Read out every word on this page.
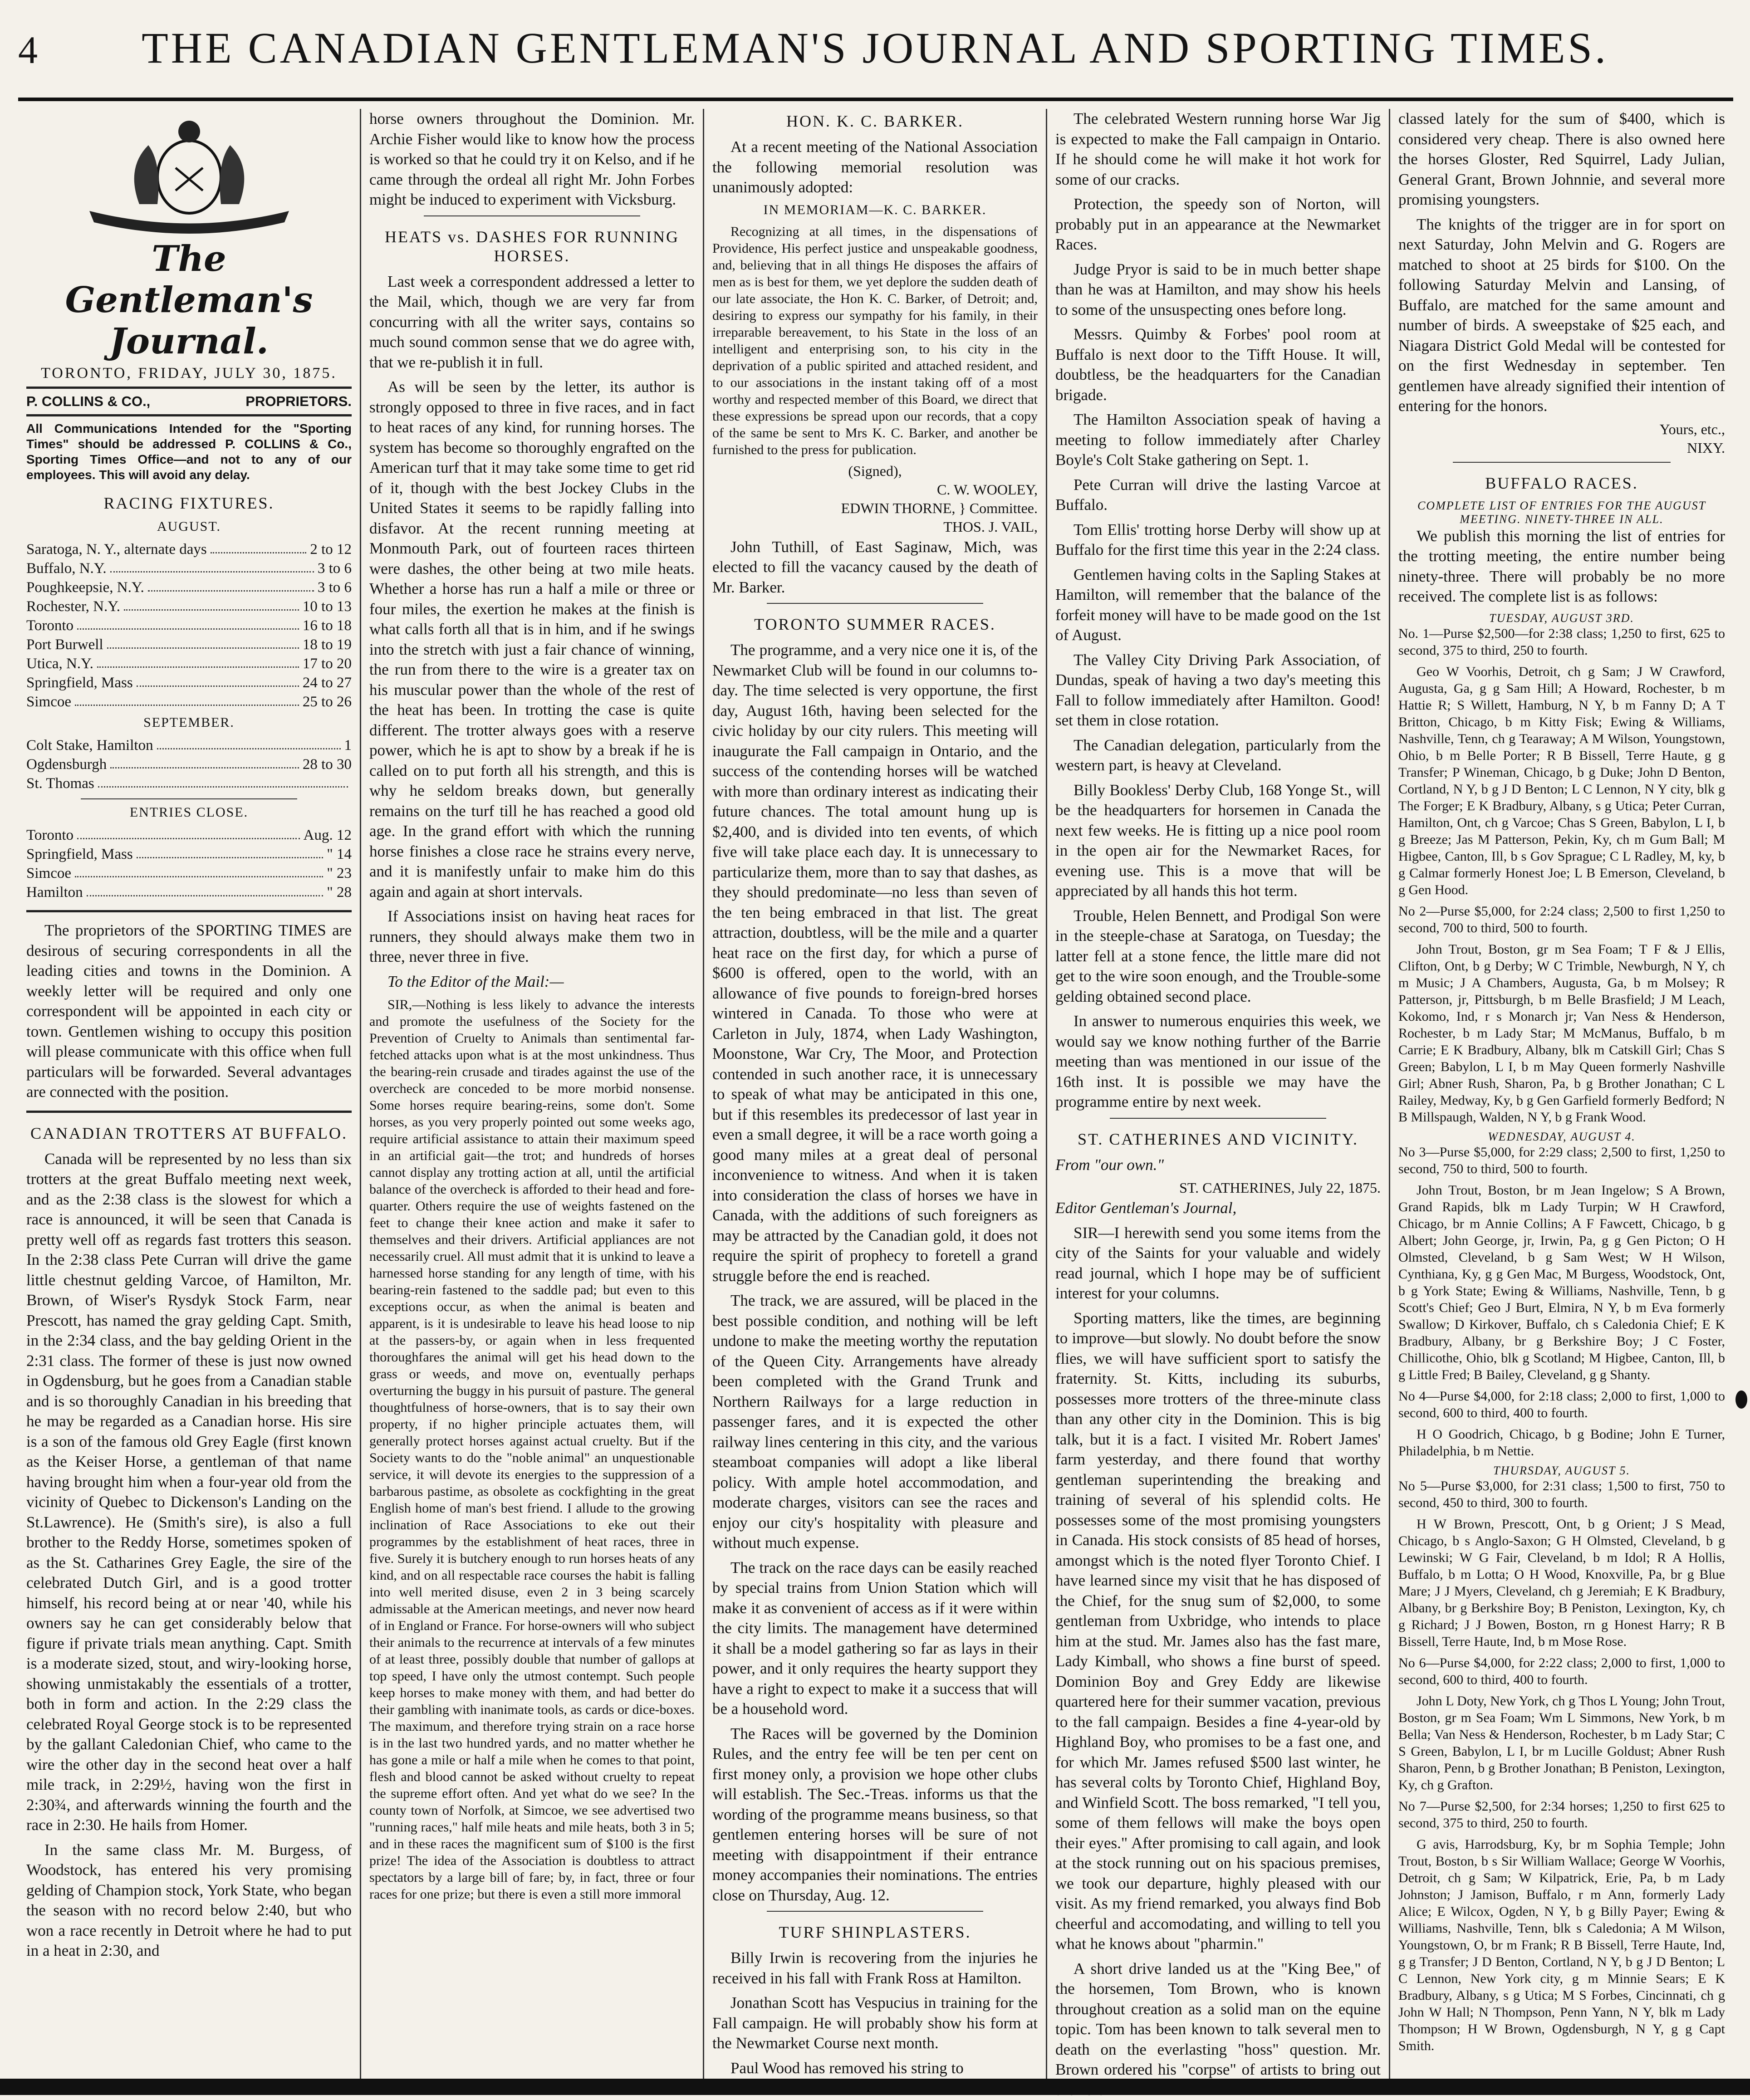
4	THE CANADIAN GENTLEMAN'S JOURNAL AND SPORTING TIMES.
The Gentleman's Journal.
TORONTO, FRIDAY, JULY 30, 1875.
P. COLLINS & CO.,	PROPRIETORS.

All Communications Intended for the "Sporting Times" should be addressed P. COLLINS & Co., Sporting Times Office—and not to any of our employees. This will avoid any delay.

RACING FIXTURES.
AUGUST.
Saratoga, N. Y., alternate days	2 to 12
Buffalo, N.Y.	3 to 6
Poughkeepsie, N.Y.	3 to 6
Rochester, N.Y.	10 to 13
Toronto	16 to 18
Port Burwell	18 to 19
Utica, N.Y.	17 to 20
Springfield, Mass	24 to 27
Simcoe	25 to 26
SEPTEMBER.
Colt Stake, Hamilton	1
Ogdensburgh	28 to 30
St. Thomas
ENTRIES CLOSE.
Toronto	Aug. 12
Springfield, Mass	" 14
Simcoe	" 23
Hamilton	" 28

The proprietors of the SPORTING TIMES are desirous of securing correspondents in all the leading cities and towns in the Dominion. A weekly letter will be required and only one correspondent will be appointed in each city or town. Gentlemen wishing to occupy this position will please communicate with this office when full particulars will be forwarded. Several advantages are connected with the position.

CANADIAN TROTTERS AT BUFFALO.

Canada will be represented by no less than six trotters at the great Buffalo meeting next week, and as the 2:38 class is the slowest for which a race is announced, it will be seen that Canada is pretty well off as regards fast trotters this season. In the 2:38 class Pete Curran will drive the game little chestnut gelding Varcoe, of Hamilton, Mr. Brown, of Wiser's Rysdyk Stock Farm, near Prescott, has named the gray gelding Capt. Smith, in the 2:34 class, and the bay gelding Orient in the 2:31 class. The former of these is just now owned in Ogdensburg, but he goes from a Canadian stable and is so thoroughly Canadian in his breeding that he may be regarded as a Canadian horse. His sire is a son of the famous old Grey Eagle (first known as the Keiser Horse, a gentleman of that name having brought him when a four-year old from the vicinity of Quebec to Dickenson's Landing on the St.Lawrence). He (Smith's sire), is also a full brother to the Reddy Horse, sometimes spoken of as the St. Catharines Grey Eagle, the sire of the celebrated Dutch Girl, and is a good trotter himself, his record being at or near '40, while his owners say he can get considerably below that figure if private trials mean anything. Capt. Smith is a moderate sized, stout, and wiry-looking horse, showing unmistakably the essentials of a trotter, both in form and action. In the 2:29 class the celebrated Royal George stock is to be represented by the gallant Caledonian Chief, who came to the wire the other day in the second heat over a half mile track, in 2:29½, having won the first in 2:30¾, and afterwards winning the fourth and the race in 2:30. He hails from Homer.

In the same class Mr. M. Burgess, of Woodstock, has entered his very promising gelding of Champion stock, York State, who began the season with no record below 2:40, but who won a race recently in Detroit where he had to put in a heat in 2:30, and

horse owners throughout the Dominion. Mr. Archie Fisher would like to know how the process is worked so that he could try it on Kelso, and if he came through the ordeal all right Mr. John Forbes might be induced to experiment with Vicksburg.

HEATS vs. DASHES FOR RUNNING HORSES.

Last week a correspondent addressed a letter to the Mail, which, though we are very far from concurring with all the writer says, contains so much sound common sense that we do agree with, that we re-publish it in full.

As will be seen by the letter, its author is strongly opposed to three in five races, and in fact to heat races of any kind, for running horses. The system has become so thoroughly engrafted on the American turf that it may take some time to get rid of it, though with the best Jockey Clubs in the United States it seems to be rapidly falling into disfavor. At the recent running meeting at Monmouth Park, out of fourteen races thirteen were dashes, the other being at two mile heats. Whether a horse has run a half a mile or three or four miles, the exertion he makes at the finish is what calls forth all that is in him, and if he swings into the stretch with just a fair chance of winning, the run from there to the wire is a greater tax on his muscular power than the whole of the rest of the heat has been. In trotting the case is quite different. The trotter always goes with a reserve power, which he is apt to show by a break if he is called on to put forth all his strength, and this is why he seldom breaks down, but generally remains on the turf till he has reached a good old age. In the grand effort with which the running horse finishes a close race he strains every nerve, and it is manifestly unfair to make him do this again and again at short intervals.

If Associations insist on having heat races for runners, they should always make them two in three, never three in five.

To the Editor of the Mail:—

SIR,—Nothing is less likely to advance the interests and promote the usefulness of the Society for the Prevention of Cruelty to Animals than sentimental far-fetched attacks upon what is at the most unkindness. Thus the bearing-rein crusade and tirades against the use of the overcheck are conceded to be more morbid nonsense. Some horses require bearing-reins, some don't. Some horses, as you very properly pointed out some weeks ago, require artificial assistance to attain their maximum speed in an artificial gait—the trot; and hundreds of horses cannot display any trotting action at all, until the artificial balance of the overcheck is afforded to their head and fore-quarter. Others require the use of weights fastened on the feet to change their knee action and make it safer to themselves and their drivers. Artificial appliances are not necessarily cruel. All must admit that it is unkind to leave a harnessed horse standing for any length of time, with his bearing-rein fastened to the saddle pad; but even to this exceptions occur, as when the animal is beaten and apparent, is it is undesirable to leave his head loose to nip at the passers-by, or again when in less frequented thoroughfares the animal will get his head down to the grass or weeds, and move on, eventually perhaps overturning the buggy in his pursuit of pasture. The general thoughtfulness of horse-owners, that is to say their own property, if no higher principle actuates them, will generally protect horses against actual cruelty. But if the Society wants to do the "noble animal" an unquestionable service, it will devote its energies to the suppression of a barbarous pastime, as obsolete as cockfighting in the great English home of man's best friend. I allude to the growing inclination of Race Associations to eke out their programmes by the establishment of heat races, three in five. Surely it is butchery enough to run horses heats of any kind, and on all respectable race courses the habit is falling into well merited disuse, even 2 in 3 being scarcely admissable at the American meetings, and never now heard of in England or France. For horse-owners will who subject their animals to the recurrence at intervals of a few minutes of at least three, possibly double that number of gallops at top speed, I have only the utmost contempt. Such people keep horses to make money with them, and had better do their gambling with inanimate tools, as cards or dice-boxes. The maximum, and therefore trying strain on a race horse is in the last two hundred yards, and no matter whether he has gone a mile or half a mile when he comes to that point, flesh and blood cannot be asked without cruelty to repeat the supreme effort often. And yet what do we see? In the county town of Norfolk, at Simcoe, we see advertised two "running races," half mile heats and mile heats, both 3 in 5; and in these races the magnificent sum of $100 is the first prize! The idea of the Association is doubtless to attract spectators by a large bill of fare; by, in fact, three or four races for one prize; but there is even a still more immoral

HON. K. C. BARKER.

At a recent meeting of the National Association the following memorial resolution was unanimously adopted:

IN MEMORIAM—K. C. BARKER.

Recognizing at all times, in the dispensations of Providence, His perfect justice and unspeakable goodness, and, believing that in all things He disposes the affairs of men as is best for them, we yet deplore the sudden death of our late associate, the Hon K. C. Barker, of Detroit; and, desiring to express our sympathy for his family, in their irreparable bereavement, to his State in the loss of an intelligent and enterprising son, to his city in the deprivation of a public spirited and attached resident, and to our associations in the instant taking off of a most worthy and respected member of this Board, we direct that these expressions be spread upon our records, that a copy of the same be sent to Mrs K. C. Barker, and another be furnished to the press for publication.

(Signed),
C. W. WOOLEY,
EDWIN THORNE, } Committee.
THOS. J. VAIL,

John Tuthill, of East Saginaw, Mich, was elected to fill the vacancy caused by the death of Mr. Barker.

TORONTO SUMMER RACES.

The programme, and a very nice one it is, of the Newmarket Club will be found in our columns to-day. The time selected is very opportune, the first day, August 16th, having been selected for the civic holiday by our city rulers. This meeting will inaugurate the Fall campaign in Ontario, and the success of the contending horses will be watched with more than ordinary interest as indicating their future chances. The total amount hung up is $2,400, and is divided into ten events, of which five will take place each day. It is unnecessary to particularize them, more than to say that dashes, as they should predominate—no less than seven of the ten being embraced in that list. The great attraction, doubtless, will be the mile and a quarter heat race on the first day, for which a purse of $600 is offered, open to the world, with an allowance of five pounds to foreign-bred horses wintered in Canada. To those who were at Carleton in July, 1874, when Lady Washington, Moonstone, War Cry, The Moor, and Protection contended in such another race, it is unnecessary to speak of what may be anticipated in this one, but if this resembles its predecessor of last year in even a small degree, it will be a race worth going a good many miles at a great deal of personal inconvenience to witness. And when it is taken into consideration the class of horses we have in Canada, with the additions of such foreigners as may be attracted by the Canadian gold, it does not require the spirit of prophecy to foretell a grand struggle before the end is reached.

The track, we are assured, will be placed in the best possible condition, and nothing will be left undone to make the meeting worthy the reputation of the Queen City. Arrangements have already been completed with the Grand Trunk and Northern Railways for a large reduction in passenger fares, and it is expected the other railway lines centering in this city, and the various steamboat companies will adopt a like liberal policy. With ample hotel accommodation, and moderate charges, visitors can see the races and enjoy our city's hospitality with pleasure and without much expense.

The track on the race days can be easily reached by special trains from Union Station which will make it as convenient of access as if it were within the city limits. The management have determined it shall be a model gathering so far as lays in their power, and it only requires the hearty support they have a right to expect to make it a success that will be a household word.

The Races will be governed by the Dominion Rules, and the entry fee will be ten per cent on first money only, a provision we hope other clubs will establish. The Sec.-Treas. informs us that the wording of the programme means business, so that gentlemen entering horses will be sure of not meeting with disappointment if their entrance money accompanies their nominations. The entries close on Thursday, Aug. 12.

TURF SHINPLASTERS.

Billy Irwin is recovering from the injuries he received in his fall with Frank Ross at Hamilton.

Jonathan Scott has Vespucius in training for the Fall campaign. He will probably show his form at the Newmarket Course next month.

Paul Wood has removed his string to

The celebrated Western running horse War Jig is expected to make the Fall campaign in Ontario. If he should come he will make it hot work for some of our cracks.

Protection, the speedy son of Norton, will probably put in an appearance at the Newmarket Races.

Judge Pryor is said to be in much better shape than he was at Hamilton, and may show his heels to some of the unsuspecting ones before long.

Messrs. Quimby & Forbes' pool room at Buffalo is next door to the Tifft House. It will, doubtless, be the headquarters for the Canadian brigade.

The Hamilton Association speak of having a meeting to follow immediately after Charley Boyle's Colt Stake gathering on Sept. 1.

Pete Curran will drive the lasting Varcoe at Buffalo.

Tom Ellis' trotting horse Derby will show up at Buffalo for the first time this year in the 2:24 class.

Gentlemen having colts in the Sapling Stakes at Hamilton, will remember that the balance of the forfeit money will have to be made good on the 1st of August.

The Valley City Driving Park Association, of Dundas, speak of having a two day's meeting this Fall to follow immediately after Hamilton. Good! set them in close rotation.

The Canadian delegation, particularly from the western part, is heavy at Cleveland.

Billy Bookless' Derby Club, 168 Yonge St., will be the headquarters for horsemen in Canada the next few weeks. He is fitting up a nice pool room in the open air for the Newmarket Races, for evening use. This is a move that will be appreciated by all hands this hot term.

Trouble, Helen Bennett, and Prodigal Son were in the steeple-chase at Saratoga, on Tuesday; the latter fell at a stone fence, the little mare did not get to the wire soon enough, and the Trouble-some gelding obtained second place.

In answer to numerous enquiries this week, we would say we know nothing further of the Barrie meeting than was mentioned in our issue of the 16th inst. It is possible we may have the programme entire by next week.

ST. CATHERINES AND VICINITY.

From "our own."

ST. CATHERINES, July 22, 1875.

Editor Gentleman's Journal,

SIR—I herewith send you some items from the city of the Saints for your valuable and widely read journal, which I hope may be of sufficient interest for your columns.

Sporting matters, like the times, are beginning to improve—but slowly. No doubt before the snow flies, we will have sufficient sport to satisfy the fraternity. St. Kitts, including its suburbs, possesses more trotters of the three-minute class than any other city in the Dominion. This is big talk, but it is a fact. I visited Mr. Robert James' farm yesterday, and there found that worthy gentleman superintending the breaking and training of several of his splendid colts. He possesses some of the most promising youngsters in Canada. His stock consists of 85 head of horses, amongst which is the noted flyer Toronto Chief. I have learned since my visit that he has disposed of the Chief, for the snug sum of $2,000, to some gentleman from Uxbridge, who intends to place him at the stud. Mr. James also has the fast mare, Lady Kimball, who shows a fine burst of speed. Dominion Boy and Grey Eddy are likewise quartered here for their summer vacation, previous to the fall campaign. Besides a fine 4-year-old by Highland Boy, who promises to be a fast one, and for which Mr. James refused $500 last winter, he has several colts by Toronto Chief, Highland Boy, and Winfield Scott. The boss remarked, "I tell you, some of them fellows will make the boys open their eyes." After promising to call again, and look at the stock running out on his spacious premises, we took our departure, highly pleased with our visit. As my friend remarked, you always find Bob cheerful and accomodating, and willing to tell you what he knows about "pharmin."

A short drive landed us at the "King Bee," of the horsemen, Tom Brown, who is known throughout creation as a solid man on the equine topic. Tom has been known to talk several men to death on the everlasting "hoss" question. Mr. Brown ordered his "corpse" of artists to bring out

classed lately for the sum of $400, which is considered very cheap. There is also owned here the horses Gloster, Red Squirrel, Lady Julian, General Grant, Brown Johnnie, and several more promising youngsters.

The knights of the trigger are in for sport on next Saturday, John Melvin and G. Rogers are matched to shoot at 25 birds for $100. On the following Saturday Melvin and Lansing, of Buffalo, are matched for the same amount and number of birds. A sweepstake of $25 each, and Niagara District Gold Medal will be contested for on the first Wednesday in september. Ten gentlemen have already signified their intention of entering for the honors.

Yours, etc.,
NIXY.
BUFFALO RACES.
COMPLETE LIST OF ENTRIES FOR THE AUGUST MEETING. NINETY-THREE IN ALL.

We publish this morning the list of entries for the trotting meeting, the entire number being ninety-three. There will probably be no more received. The complete list is as follows:

TUESDAY, AUGUST 3RD.

No. 1—Purse $2,500—for 2:38 class; 1,250 to first, 625 to second, 375 to third, 250 to fourth.

Geo W Voorhis, Detroit, ch g Sam; J W Crawford, Augusta, Ga, g g Sam Hill; A Howard, Rochester, b m Hattie R; S Willett, Hamburg, N Y, b m Fanny D; A T Britton, Chicago, b m Kitty Fisk; Ewing & Williams, Nashville, Tenn, ch g Tearaway; A M Wilson, Youngstown, Ohio, b m Belle Porter; R B Bissell, Terre Haute, g g Transfer; P Wineman, Chicago, b g Duke; John D Benton, Cortland, N Y, b g J D Benton; L C Lennon, N Y city, blk g The Forger; E K Bradbury, Albany, s g Utica; Peter Curran, Hamilton, Ont, ch g Varcoe; Chas S Green, Babylon, L I, b g Breeze; Jas M Patterson, Pekin, Ky, ch m Gum Ball; M Higbee, Canton, Ill, b s Gov Sprague; C L Radley, M, ky, b g Calmar formerly Honest Joe; L B Emerson, Cleveland, b g Gen Hood.

No 2—Purse $5,000, for 2:24 class; 2,500 to first 1,250 to second, 700 to third, 500 to fourth.

John Trout, Boston, gr m Sea Foam; T F & J Ellis, Clifton, Ont, b g Derby; W C Trimble, Newburgh, N Y, ch m Music; J A Chambers, Augusta, Ga, b m Molsey; R Patterson, jr, Pittsburgh, b m Belle Brasfield; J M Leach, Kokomo, Ind, r s Monarch jr; Van Ness & Henderson, Rochester, b m Lady Star; M McManus, Buffalo, b m Carrie; E K Bradbury, Albany, blk m Catskill Girl; Chas S Green; Babylon, L I, b m May Queen formerly Nashville Girl; Abner Rush, Sharon, Pa, b g Brother Jonathan; C L Railey, Medway, Ky, b g Gen Garfield formerly Bedford; N B Millspaugh, Walden, N Y, b g Frank Wood.

WEDNESDAY, AUGUST 4.

No 3—Purse $5,000, for 2:29 class; 2,500 to first, 1,250 to second, 750 to third, 500 to fourth.

John Trout, Boston, br m Jean Ingelow; S A Brown, Grand Rapids, blk m Lady Turpin; W H Crawford, Chicago, br m Annie Collins; A F Fawcett, Chicago, b g Albert; John George, jr, Irwin, Pa, g g Gen Picton; O H Olmsted, Cleveland, b g Sam West; W H Wilson, Cynthiana, Ky, g g Gen Mac, M Burgess, Woodstock, Ont, b g York State; Ewing & Williams, Nashville, Tenn, b g Scott's Chief; Geo J Burt, Elmira, N Y, b m Eva formerly Swallow; D Kirkover, Buffalo, ch s Caledonia Chief; E K Bradbury, Albany, br g Berkshire Boy; J C Foster, Chillicothe, Ohio, blk g Scotland; M Higbee, Canton, Ill, b g Little Fred; B Bailey, Cleveland, g g Shanty.

No 4—Purse $4,000, for 2:18 class; 2,000 to first, 1,000 to second, 600 to third, 400 to fourth.

H O Goodrich, Chicago, b g Bodine; John E Turner, Philadelphia, b m Nettie.

THURSDAY, AUGUST 5.

No 5—Purse $3,000, for 2:31 class; 1,500 to first, 750 to second, 450 to third, 300 to fourth.

H W Brown, Prescott, Ont, b g Orient; J S Mead, Chicago, b s Anglo-Saxon; G H Olmsted, Cleveland, b g Lewinski; W G Fair, Cleveland, b m Idol; R A Hollis, Buffalo, b m Lotta; O H Wood, Knoxville, Pa, br g Blue Mare; J J Myers, Cleveland, ch g Jeremiah; E K Bradbury, Albany, br g Berkshire Boy; B Peniston, Lexington, Ky, ch g Richard; J J Bowen, Boston, rn g Honest Harry; R B Bissell, Terre Haute, Ind, b m Mose Rose.

No 6—Purse $4,000, for 2:22 class; 2,000 to first, 1,000 to second, 600 to third, 400 to fourth.

John L Doty, New York, ch g Thos L Young; John Trout, Boston, gr m Sea Foam; Wm L Simmons, New York, b m Bella; Van Ness & Henderson, Rochester, b m Lady Star; C S Green, Babylon, L I, br m Lucille Goldust; Abner Rush Sharon, Penn, b g Brother Jonathan; B Peniston, Lexington, Ky, ch g Grafton.

No 7—Purse $2,500, for 2:34 horses; 1,250 to first 625 to second, 375 to third, 250 to fourth.

G avis, Harrodsburg, Ky, br m Sophia Temple; John Trout, Boston, b s Sir William Wallace; George W Voorhis, Detroit, ch g Sam; W Kilpatrick, Erie, Pa, b m Lady Johnston; J Jamison, Buffalo, r m Ann, formerly Lady Alice; E Wilcox, Ogden, N Y, b g Billy Payer; Ewing & Williams, Nashville, Tenn, blk s Caledonia; A M Wilson, Youngstown, O, br m Frank; R B Bissell, Terre Haute, Ind, g g Transfer; J D Benton, Cortland, N Y, b g J D Benton; L C Lennon, New York city, g m Minnie Sears; E K Bradbury, Albany, s g Utica; M S Forbes, Cincinnati, ch g John W Hall; N Thompson, Penn Yann, N Y, blk m Lady Thompson; H W Brown, Ogdensburgh, N Y, g g Capt Smith.
